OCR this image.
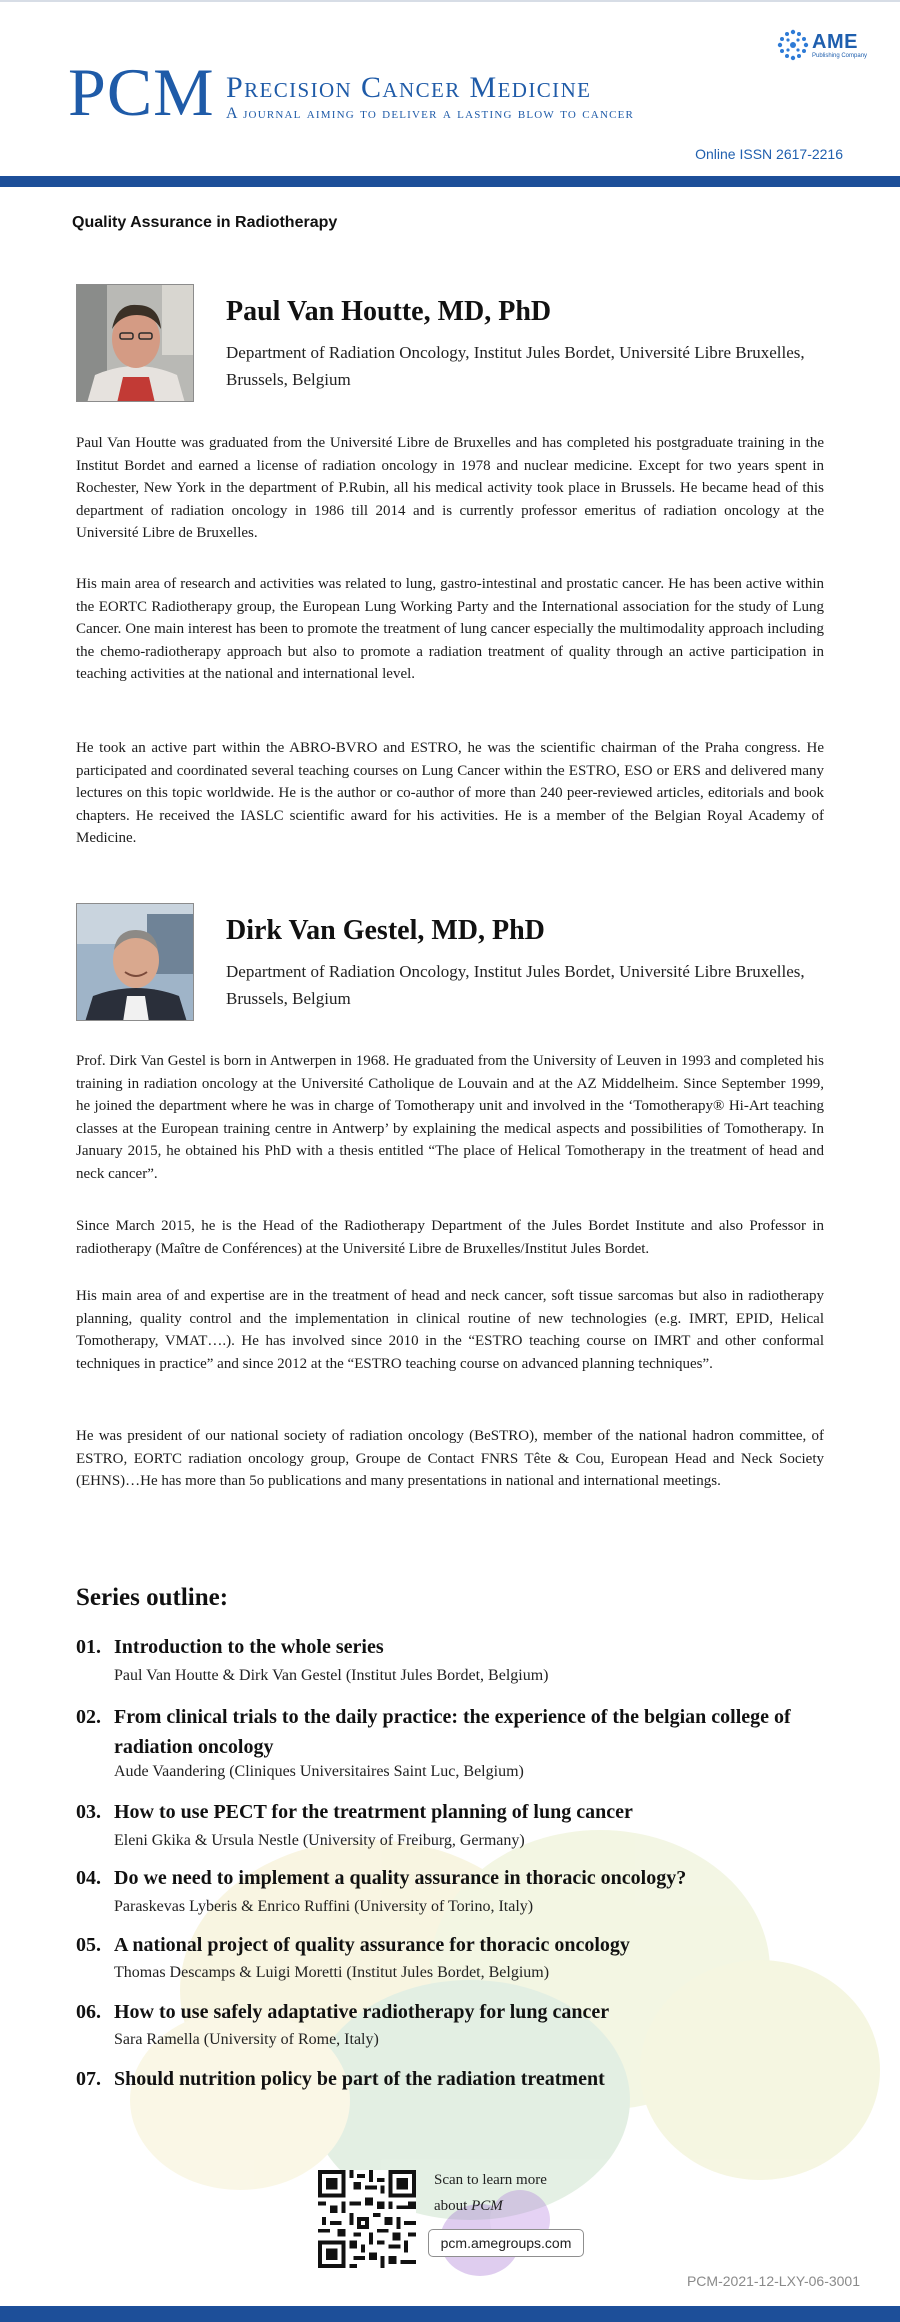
AME
Publishing Company
PCM Precision Cancer Medicine
A journal aiming to deliver a lasting blow to cancer
Online ISSN 2617-2216
Quality Assurance in Radiotherapy
Paul Van Houtte, MD, PhD
Department of Radiation Oncology, Institut Jules Bordet, Université Libre Bruxelles, Brussels, Belgium
Paul Van Houtte was graduated from the Université Libre de Bruxelles and has completed his postgraduate training in the Institut Bordet and earned a license of radiation oncology in 1978 and nuclear medicine. Except for two years spent in Rochester, New York in the department of P.Rubin, all his medical activity took place in Brussels. He became head of this department of radiation oncology in 1986 till 2014 and is currently professor emeritus of radiation oncology at the Université Libre de Bruxelles.
His main area of research and activities was related to lung, gastro-intestinal and prostatic cancer. He has been active within the EORTC Radiotherapy group, the European Lung Working Party and the International association for the study of Lung Cancer. One main interest has been to promote the treatment of lung cancer especially the multimodality approach including the chemo-radiotherapy approach but also to promote a radiation treatment of quality through an active participation in teaching activities at the national and international level.
He took an active part within the ABRO-BVRO and ESTRO, he was the scientific chairman of the Praha congress. He participated and coordinated several teaching courses on Lung Cancer within the ESTRO, ESO or ERS and delivered many lectures on this topic worldwide. He is the author or co-author of more than 240 peer-reviewed articles, editorials and book chapters. He received the IASLC scientific award for his activities. He is a member of the Belgian Royal Academy of Medicine.
Dirk Van Gestel, MD, PhD
Department of Radiation Oncology, Institut Jules Bordet, Université Libre Bruxelles, Brussels, Belgium
Prof. Dirk Van Gestel is born in Antwerpen in 1968. He graduated from the University of Leuven in 1993 and completed his training in radiation oncology at the Université Catholique de Louvain and at the AZ Middelheim. Since September 1999, he joined the department where he was in charge of Tomotherapy unit and involved in the ‘Tomotherapy® Hi-Art teaching classes at the European training centre in Antwerp’ by explaining the medical aspects and possibilities of Tomotherapy. In January 2015, he obtained his PhD with a thesis entitled “The place of Helical Tomotherapy in the treatment of head and neck cancer”.
Since March 2015, he is the Head of the Radiotherapy Department of the Jules Bordet Institute and also Professor in radiotherapy (Maître de Conférences) at the Université Libre de Bruxelles/Institut Jules Bordet.
His main area of and expertise are in the treatment of head and neck cancer, soft tissue sarcomas but also in radiotherapy planning, quality control and the implementation in clinical routine of new technologies (e.g. IMRT, EPID, Helical Tomotherapy, VMAT….). He has involved since 2010 in the “ESTRO teaching course on IMRT and other conformal techniques in practice” and since 2012 at the “ESTRO teaching course on advanced planning techniques”.
He was president of our national society of radiation oncology (BeSTRO), member of the national hadron committee, of ESTRO, EORTC radiation oncology group, Groupe de Contact FNRS Tête & Cou, European Head and Neck Society (EHNS)…He has more than 5o publications and many presentations in national and international meetings.
Series outline:
01. Introduction to the whole series
Paul Van Houtte & Dirk Van Gestel (Institut Jules Bordet, Belgium)
02. From clinical trials to the daily practice: the experience of the belgian college of radiation oncology
Aude Vaandering (Cliniques Universitaires Saint Luc, Belgium)
03. How to use PECT for the treatrment planning of lung cancer
Eleni Gkika & Ursula Nestle (University of Freiburg, Germany)
04. Do we need to implement a quality assurance in thoracic oncology?
Paraskevas Lyberis & Enrico Ruffini (University of Torino, Italy)
05. A national project of quality assurance for thoracic oncology
Thomas Descamps & Luigi Moretti (Institut Jules Bordet, Belgium)
06. How to use safely adaptative radiotherapy for lung cancer
Sara Ramella (University of Rome, Italy)
07. Should nutrition policy be part of the radiation treatment
Scan to learn more
about PCM
pcm.amegroups.com
PCM-2021-12-LXY-06-3001
